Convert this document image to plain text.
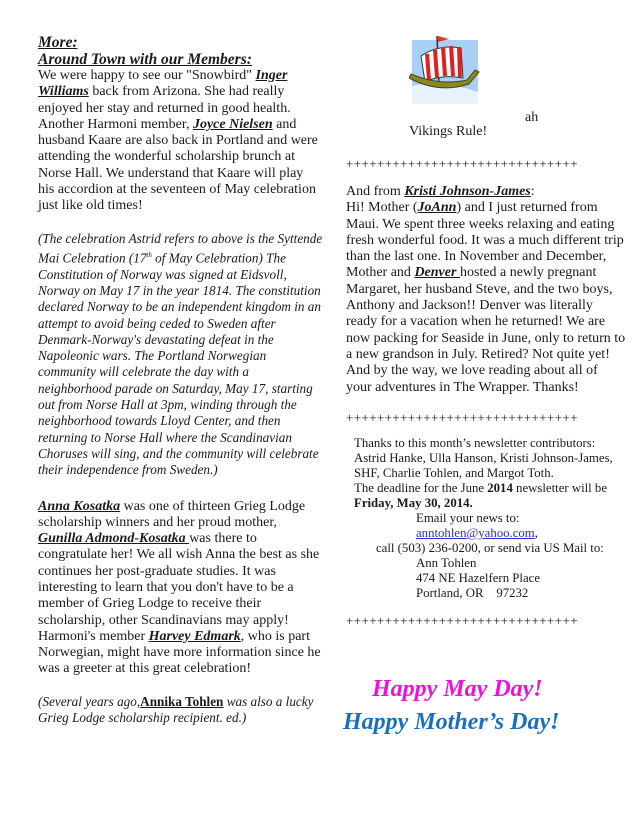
More:
Around Town with our Members:

We were happy to see our "Snowbird" Inger Williams back from Arizona. She had really enjoyed her stay and returned in good health. Another Harmoni member, Joyce Nielsen and husband Kaare are also back in Portland and were attending the wonderful scholarship brunch at Norse Hall. We understand that Kaare will play his accordion at the seventeen of May celebration just like old times!

(The celebration Astrid refers to above is the Syttende Mai Celebration (17th of May Celebration) The Constitution of Norway was signed at Eidsvoll, Norway on May 17 in the year 1814. The constitution declared Norway to be an independent kingdom in an attempt to avoid being ceded to Sweden after Denmark-Norway's devastating defeat in the Napoleonic wars. The Portland Norwegian community will celebrate the day with a neighborhood parade on Saturday, May 17, starting out from Norse Hall at 3pm, winding through the neighborhood towards Lloyd Center, and then returning to Norse Hall where the Scandinavian Choruses will sing, and the community will celebrate their independence from Sweden.)

Anna Kosatka was one of thirteen Grieg Lodge scholarship winners and her proud mother, Gunilla Admond-Kosatka was there to congratulate her! We all wish Anna the best as she continues her post-graduate studies. It was interesting to learn that you don't have to be a member of Grieg Lodge to receive their scholarship, other Scandinavians may apply! Harmoni's member Harvey Edmark, who is part Norwegian, might have more information since he was a greeter at this great celebration!

(Several years ago,Annika Tohlen was also a lucky Grieg Lodge scholarship recipient. ed.)

ah
Vikings Rule!
++++++++++++++++++++++++++++++

And from Kristi Johnson-James:
Hi! Mother (JoAnn) and I just returned from Maui. We spent three weeks relaxing and eating fresh wonderful food. It was a much different trip than the last one. In November and December, Mother and Denver hosted a newly pregnant Margaret, her husband Steve, and the two boys, Anthony and Jackson!! Denver was literally ready for a vacation when he returned! We are now packing for Seaside in June, only to return to a new grandson in July. Retired? Not quite yet! And by the way, we love reading about all of your adventures in The Wrapper. Thanks!

++++++++++++++++++++++++++++++

Thanks to this month’s newsletter contributors: Astrid Hanke, Ulla Hanson, Kristi Johnson-James, SHF, Charlie Tohlen, and Margot Toth.

The deadline for the June 2014 newsletter will be
Friday, May 30, 2014.

Email your news to:

anntohlen@yahoo.com,

call (503) 236-0200, or send via US Mail to:

Ann Tohlen

474 NE Hazelfern Place

Portland, OR    97232

++++++++++++++++++++++++++++++
Happy May Day!
Happy Mother’s Day!
